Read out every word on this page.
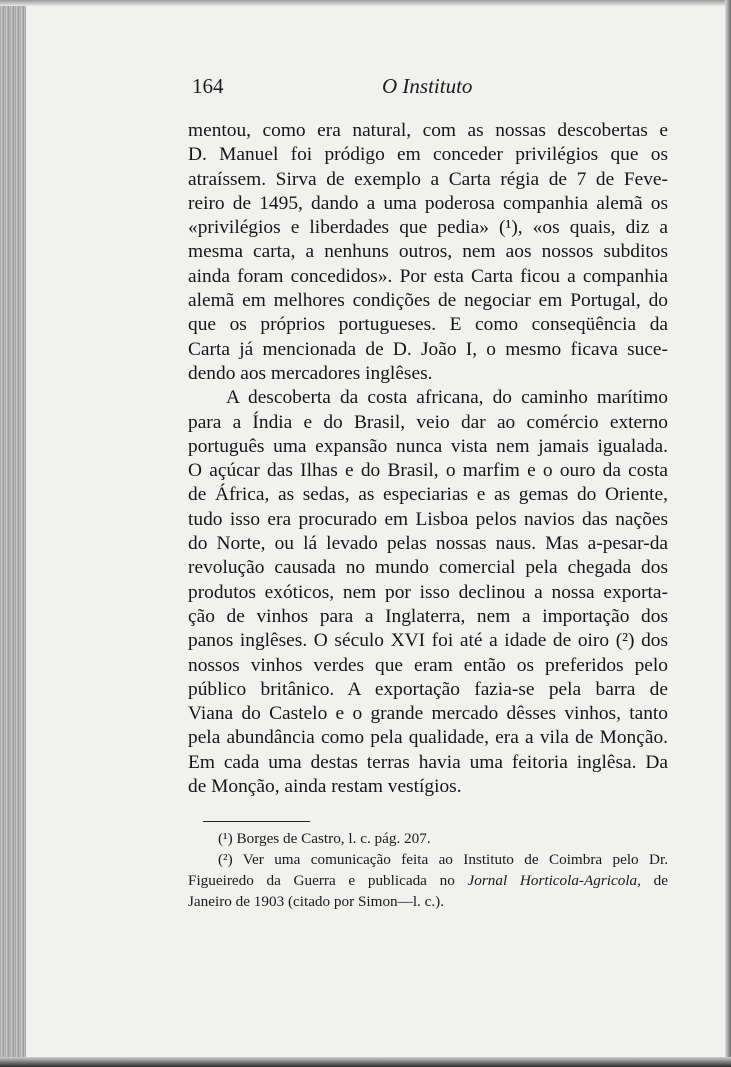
164	O Instituto
mentou, como era natural, com as nossas descobertas e
D. Manuel foi pródigo em conceder privilégios que os
atraíssem. Sirva de exemplo a Carta régia de 7 de Feve-
reiro de 1495, dando a uma poderosa companhia alemã os
«privilégios e liberdades que pedia» (¹), «os quais, diz a
mesma carta, a nenhuns outros, nem aos nossos subditos
ainda foram concedidos». Por esta Carta ficou a companhia
alemã em melhores condições de negociar em Portugal, do
que os próprios portugueses. E como conseqüência da
Carta já mencionada de D. João I, o mesmo ficava suce-
dendo aos mercadores inglêses.
A descoberta da costa africana, do caminho marítimo
para a Índia e do Brasil, veio dar ao comércio externo
português uma expansão nunca vista nem jamais igualada.
O açúcar das Ilhas e do Brasil, o marfim e o ouro da costa
de África, as sedas, as especiarias e as gemas do Oriente,
tudo isso era procurado em Lisboa pelos navios das nações
do Norte, ou lá levado pelas nossas naus. Mas a-pesar-da
revolução causada no mundo comercial pela chegada dos
produtos exóticos, nem por isso declinou a nossa exporta-
ção de vinhos para a Inglaterra, nem a importação dos
panos inglêses. O século XVI foi até a idade de oiro (²) dos
nossos vinhos verdes que eram então os preferidos pelo
público britânico. A exportação fazia-se pela barra de
Viana do Castelo e o grande mercado dêsses vinhos, tanto
pela abundância como pela qualidade, era a vila de Monção.
Em cada uma destas terras havia uma feitoria inglêsa. Da
de Monção, ainda restam vestígios.
(¹) Borges de Castro, l. c. pág. 207.
(²) Ver uma comunicação feita ao Instituto de Coimbra pelo Dr.
Figueiredo da Guerra e publicada no Jornal Horticola-Agricola, de
Janeiro de 1903 (citado por Simon—l. c.).
